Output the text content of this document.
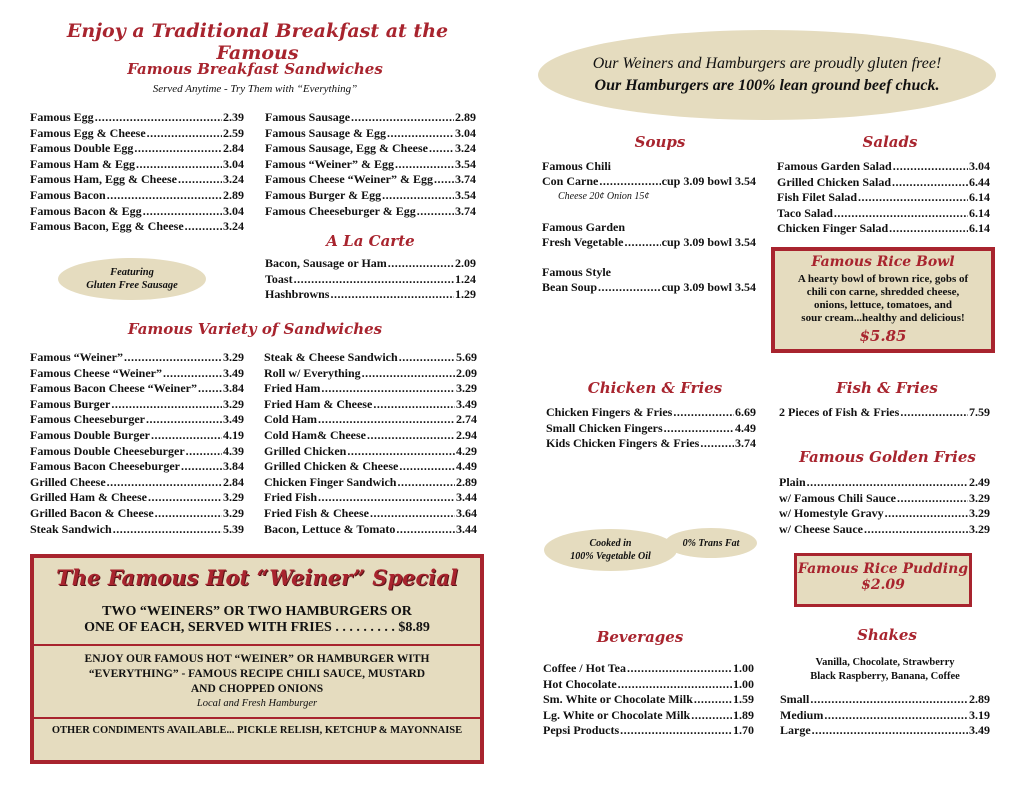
Enjoy a Traditional Breakfast at the Famous
Famous Breakfast Sandwiches
Served Anytime - Try Them with “Everything”
Famous Egg .....	2.39
Famous Egg & Cheese .....	2.59
Famous Double Egg .....	2.84
Famous Ham & Egg .....	3.04
Famous Ham, Egg & Cheese .....	3.24
Famous Bacon .....	2.89
Famous Bacon & Egg .....	3.04
Famous Bacon, Egg & Cheese .....	3.24
Famous Sausage .....	2.89
Famous Sausage & Egg .....	3.04
Famous Sausage, Egg & Cheese ..... 3.24
Famous “Weiner” & Egg .....	3.54
Famous Cheese “Weiner” & Egg ..... 3.74
Famous Burger & Egg .....	3.54
Famous Cheeseburger & Egg .....	3.74
Featuring
Gluten Free Sausage
A La Carte
Bacon, Sausage or Ham .....	2.09
Toast .....	1.24
Hashbrowns .....	1.29
Famous Variety of Sandwiches
Famous “Weiner” .....	3.29
Famous Cheese “Weiner” .....	3.49
Famous Bacon Cheese “Weiner” ..... 3.84
Famous Burger .....	3.29
Famous Cheeseburger .....	3.49
Famous Double Burger .....	4.19
Famous Double Cheeseburger .....	4.39
Famous Bacon Cheeseburger .....	3.84
Grilled Cheese .....	2.84
Grilled Ham & Cheese .....	3.29
Grilled Bacon & Cheese .....	3.29
Steak Sandwich .....	5.39
Steak & Cheese Sandwich .....	5.69
Roll w/ Everything .....	2.09
Fried Ham .....	3.29
Fried Ham & Cheese .....	3.49
Cold Ham .....	2.74
Cold Ham& Cheese .....	2.94
Grilled Chicken .....	4.29
Grilled Chicken & Cheese .....	4.49
Chicken Finger Sandwich .....	2.89
Fried Fish .....	3.44
Fried Fish & Cheese .....	3.64
Bacon, Lettuce & Tomato .....	3.44
The Famous Hot “Weiner” Special
TWO “WEINERS” OR TWO HAMBURGERS OR
ONE OF EACH, SERVED WITH FRIES . . . . . . . . . $8.89
ENJOY OUR FAMOUS HOT “WEINER” OR HAMBURGER WITH
“EVERYTHING” - FAMOUS RECIPE CHILI SAUCE, MUSTARD
AND CHOPPED ONIONS
Local and Fresh Hamburger
OTHER CONDIMENTS AVAILABLE... PICKLE RELISH, KETCHUP & MAYONNAISE
Our Weiners and Hamburgers are proudly gluten free!
Our Hamburgers are 100% lean ground beef chuck.
Soups
Famous Chili
Con Carne .....	cup 3.09 bowl 3.54
Cheese 20¢ Onion 15¢
Famous Garden
Fresh Vegetable .....	cup 3.09 bowl 3.54
Famous Style
Bean Soup .....	cup 3.09 bowl 3.54
Salads
Famous Garden Salad .....	3.04
Grilled Chicken Salad .....	6.44
Fish Filet Salad .....	6.14
Taco Salad .....	6.14
Chicken Finger Salad .....	6.14
Famous Rice Bowl
A hearty bowl of brown rice, gobs of
chili con carne, shredded cheese,
onions, lettuce, tomatoes, and
sour cream...healthy and delicious!
$5.85
Chicken & Fries
Chicken Fingers & Fries .....	6.69
Small Chicken Fingers .....	4.49
Kids Chicken Fingers & Fries .....	3.74
Fish & Fries
2 Pieces of Fish & Fries .....	7.59
Famous Golden Fries
Plain .....	2.49
w/ Famous Chili Sauce .....	3.29
w/ Homestyle Gravy .....	3.29
w/ Cheese Sauce .....	3.29
Cooked in
100% Vegetable Oil
0% Trans Fat
Famous Rice Pudding
$2.09
Beverages
Coffee / Hot Tea .....	1.00
Hot Chocolate .....	1.00
Sm. White or Chocolate Milk .....	1.59
Lg. White or Chocolate Milk .....	1.89
Pepsi Products .....	1.70
Shakes
Vanilla, Chocolate, Strawberry
Black Raspberry, Banana, Coffee
Small .....	2.89
Medium .....	3.19
Large .....	3.49
